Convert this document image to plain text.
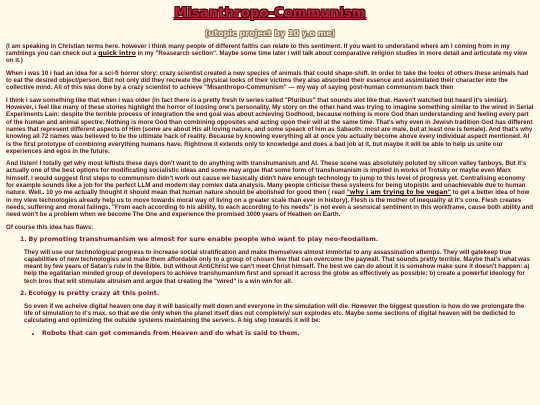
Misanthropo-Communism
(utopic project by 10 y.o me)

(I am speaking in Christian terms here. however i think many people of different faiths can relate to this sentiment. If you want to understand where am I coming from in my ramblings you can check out a quick intro in my "Reasearch section". Maybe some time later i will talk about comparative religion studies in more detail and articulate my view on it.)

When i was 10 i had an idea for a sci-fi horror story: crazy scientist created a new species of animals that could shape-shift. In order to take the looks of others these animals had to eat the desired object/person. But not only did they recreate the physical looks of their victims they also absorbed their essence and assimilated their character into the collective mind. All of this was done by a crazy scientist to achieve "Misanthropo-Communism" — my way of saying post-human communism back then

I think i saw something like that when i was older (in fact there is a pretty fresh tv series called "Pluribus" that sounds alot like that. Haven't watched but heard it's similar). However, i feel like many of these stories highlight the horror of loosing one's personality. My story on the other hand was trying to imagine something similar to the wired in Serial Experiments Lain: despite the terrible process of integration the end goal was about achieving Godhood, because nothing is more God than understanding and feeling every part of the human and animal spectre. Nothing is more God than combining opposites and acting upon their will at the same time. That's why even in Jewish tradition God has different names that represent different aspects of Him (some are about His all loving nature, and some speack of him as Sabaoth: most are male, but at least one is female). And that's why knowing all 72 names was believed to be the ultimate hack of reality. Because by knowing everything all at once you actually become above every individual aspect mentioned. AI is the first prototype of combining everything humans have. Rightnow it extends only to knowledge and does a bad job at it, but maybe it will be able to help us unite our experiences and egos in the future.

And listen! I totally get why most leftists these days don't want to do anything with transhumanism and AI. These scene was absolutely poluted by silicon valley fanboys. But it's actually one of the best options for modificating socialistic ideas and some may argue that some form of transhumanism is implied in works of Trotsky or maybe even Marx himself. I would suggest first steps to communism didn't work out cause we basically didn't have enough technology to jump to this level of progress yet. Centralising economy for example sounds like a job for the perfect LLM and modern day comlex data analysis. Many people criticise these systems for being utopistic and unachievable due to human nature. Well.. 10 yo me actually thought it should mean that human nature should be abolished for good then ( read "why i am trying to be vegan" to get a better idea of how in my view technologies already help us to move towards moral way of living on a greater scale than ever in history). Flesh is the mother of inequality at it's core. Flesh creates needs, suffering and moral failings. "From each according to his ability, to each according to his needs" is not even a sesnsical sentiment in this workframe, cause both ability and need won't be a problem when we become The One and experience the promised 1000 years of Heathen on Earth.

Of course this idea has flaws:

1. By promoting transhumanism we almost for sure enable people who want to play neo-feodalism.
They will use our technological progress to increase social stratification and make themselves almost immortal to any assassination attemps. They will gatekeep true capabilities of new technologies and make them affordable only to a group of chosen few that can overcome the paywall. That sounds pretty terrible. Maybe that's what was meant by few years of Satan's rule in the Bible. but without AntiChrist we can't meet Christ himself. The best we can do about it is somehow make sure it doesn't happen: a) help the egalitarian minded group of developers to achieve transhumanism first and spread it across the globe as effectively as possible; b) create a powerful ideology for tech bros that will stimulate altruism and argue that creating the "wired" is a win win for all.
2. Ecology is pretty crazy at this point.
So even if we acheive digital heaven one day it will basically melt down and everyone in the simulation will die. However the biggest question is how do we prolongate the life of simulation to it's max. so that we die only when the planet itself dies out completely/ sun explodes etc. Maybe some sections of digital heaven will be dedicted to calculating and optimizing the outside systems maintaining the servers. A big step towards it will be:
• Robots that can get commands from Heaven and do what is said to them.
